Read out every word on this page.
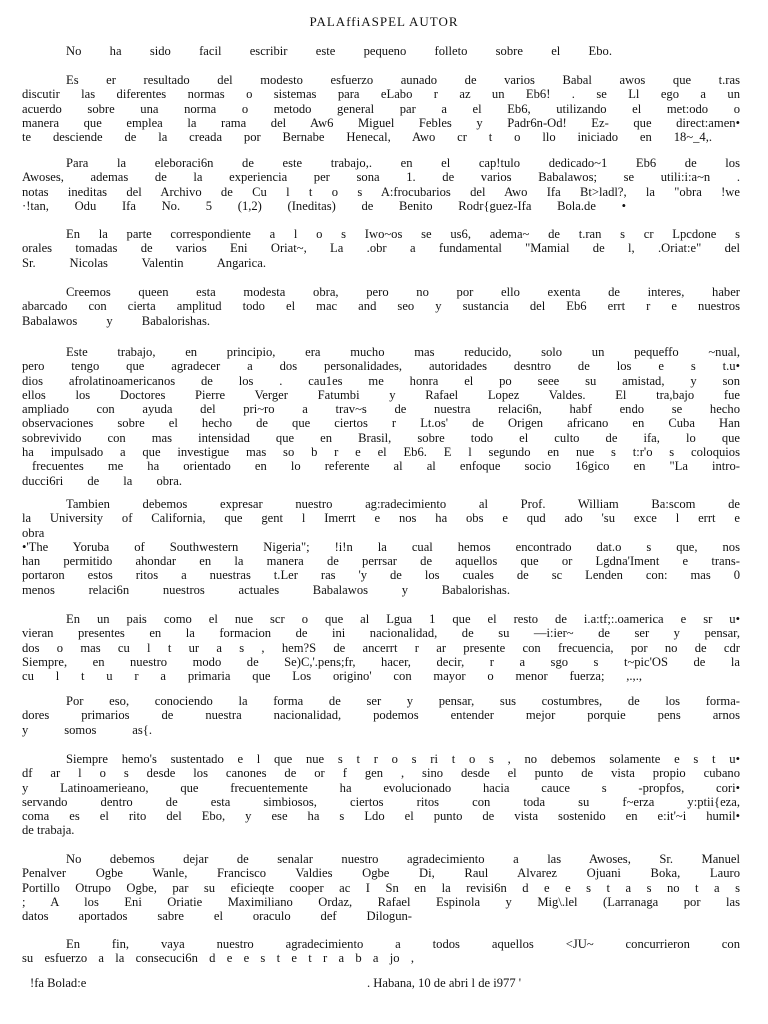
PALAffiASPEL AUTOR
No ha sido facil escribir este pequeno folleto sobre el Ebo.
Es er resultado del modesto esfuerzo aunado de varios Babal awos que t.ras
discutir las diferentes normas o sistemas para eLabo r az un Eb6! . se Ll ego a un
acuerdo sobre una norma o metodo general par a el Eb6, utilizando el met:odo o
manera que emplea la rama del Aw6 Miguel Febles y Padr6n-Od! Ez- que direct:amen•
te desciende de la creada por Bernabe Henecal, Awo cr t o llo iniciado en 18~_4,.
Para la eleboraci6n de este trabajo,. en el cap!tulo dedicado~1 Eb6 de los
Awoses, ademas de la experiencia per sona 1. de varios Babalawos; se utili:i:a~n .
notas ineditas del Archivo de Cu l t o s A:frocubarios del Awo Ifa Bt>ladl?, la "obra !we
·!tan, Odu Ifa No. 5 (1,2) (Ineditas) de Benito Rodr{guez-Ifa Bola.de •
En la parte correspondiente a l o s Iwo~os se us6, adema~ de t.ran s cr Lpcdone s
orales tomadas de varios Eni Oriat~, La .obr a fundamental "Mamial de l, .Oriat:e" del
Sr. Nicolas Valentin Angarica.
Creemos queen esta modesta obra, pero no por ello exenta de interes, haber
abarcado con cierta amplitud todo el mac and seo y sustancia del Eb6 errt r e nuestros
Babalawos y Babalorishas.
Este trabajo, en principio, era mucho mas reducido, solo un pequeffo ~nual,
pero tengo que agradecer a dos personalidades, autoridades desntro de los e s t.u•
dios afrolatinoamericanos de los . cau1es me honra el po seee su amistad, y son
ellos los Doctores Pierre Verger Fatumbi y Rafael Lopez Valdes. El tra,bajo fue
ampliado con ayuda del pri~ro a trav~s de nuestra relaci6n, habf endo se hecho
observaciones sobre el hecho de que ciertos r Lt.os' de Origen africano en Cuba Han
sobrevivido con mas intensidad que en Brasil, sobre todo el culto de ifa, lo que
ha impulsado a que investigue mas so b r e el Eb6. E l segundo en nue s t:r'o s coloquios
frecuentes me ha orientado en lo referente al al enfoque socio 16gico en "La intro-
ducci6ri de la obra.
Tambien debemos expresar nuestro ag:radecimiento al Prof. William Ba:scom de
la University of California, que gent l Imerrt e nos ha obs e qud ado 'su exce l errt e
obra
•'The Yoruba of Southwestern Nigeria"; !i!n la cual hemos encontrado dat.o s que, nos
han permitido ahondar en la manera de perrsar de aquellos que or Lgdna'Iment e trans-
portaron estos ritos a nuestras t.Ler ras 'y de los cuales de sc Lenden con: mas 0
menos relaci6n nuestros actuales Babalawos y Babalorishas.
En un pais como el nue scr o que al Lgua 1 que el resto de i.a:tf;:.oamerica e sr u•
vieran presentes en la formacion de ini nacionalidad, de su —i:ier~ de ser y pensar,
dos o mas cu l t ur a s , hem?S de ancerrt r ar presente con frecuencia, por no de cdr
Siempre, en nuestro modo de Se)C,'.pens;fr, hacer, decir, r a sgo s t~pic'OS de la
cu l t u r a primaria que Los origino' con mayor o menor fuerza; ,.,.,
Por eso, conociendo la forma de ser y pensar, sus costumbres, de los forma-
dores primarios de nuestra nacionalidad, podemos entender mejor porquie pens arnos
y somos as{.
Siempre hemo's sustentado e l que nue s t r o s ri t o s , no debemos solamente e s t u•
df ar l o s desde los canones de or f gen , sino desde el punto de vista propio cubano
y Latinoamerieano, que frecuentemente ha evolucionado hacia cauce s -propfos, cori•
servando dentro de esta simbiosos, ciertos ritos con toda su f~erza y:ptii{eza,
coma es el rito del Ebo, y ese ha s Ldo el punto de vista sostenido en e:it'~i humil•
de trabaja.
No debemos dejar de senalar nuestro agradecimiento a las Awoses, Sr. Manuel
Penalver Ogbe Wanle, Francisco Valdies Ogbe Di, Raul Alvarez Ojuani Boka, Lauro
Portillo Otrupo Ogbe, par su eficieqte cooper ac I Sn en la revisi6n d e e s t a s no t a s
; A los Eni Oriatie Maximiliano Ordaz, Rafael Espinola y Mig\.lel (Larranaga por las
datos aportados sabre el oraculo def Dilogun-
En fin, vaya nuestro agradecimiento a todos aquellos <JU~ concurrieron con
su esfuerzo a la consecuci6n d e e s t e t r a b a jo ,
!fa Bolad:e	. Habana, 10 de abri l de i977 '
